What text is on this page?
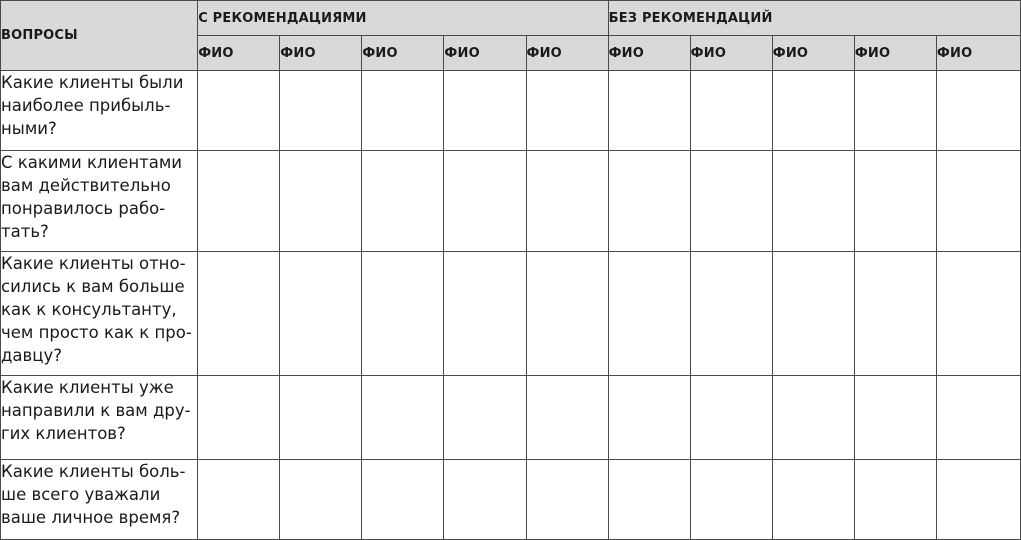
ВОПРОСЫ	С РЕКОМЕНДАЦИЯМИ					БЕЗ РЕКОМЕНДАЦИЙ				
	ФИО	ФИО	ФИО	ФИО	ФИО	ФИО	ФИО	ФИО	ФИО	ФИО
Какие клиенты были наиболее прибыльными?										
С какими клиентами вам действительно понравилось работать?										
Какие клиенты относились к вам больше как к консультанту, чем просто как к продавцу?										
Какие клиенты уже направили к вам других клиентов?										
Какие клиенты больше всего уважали ваше личное время?										
